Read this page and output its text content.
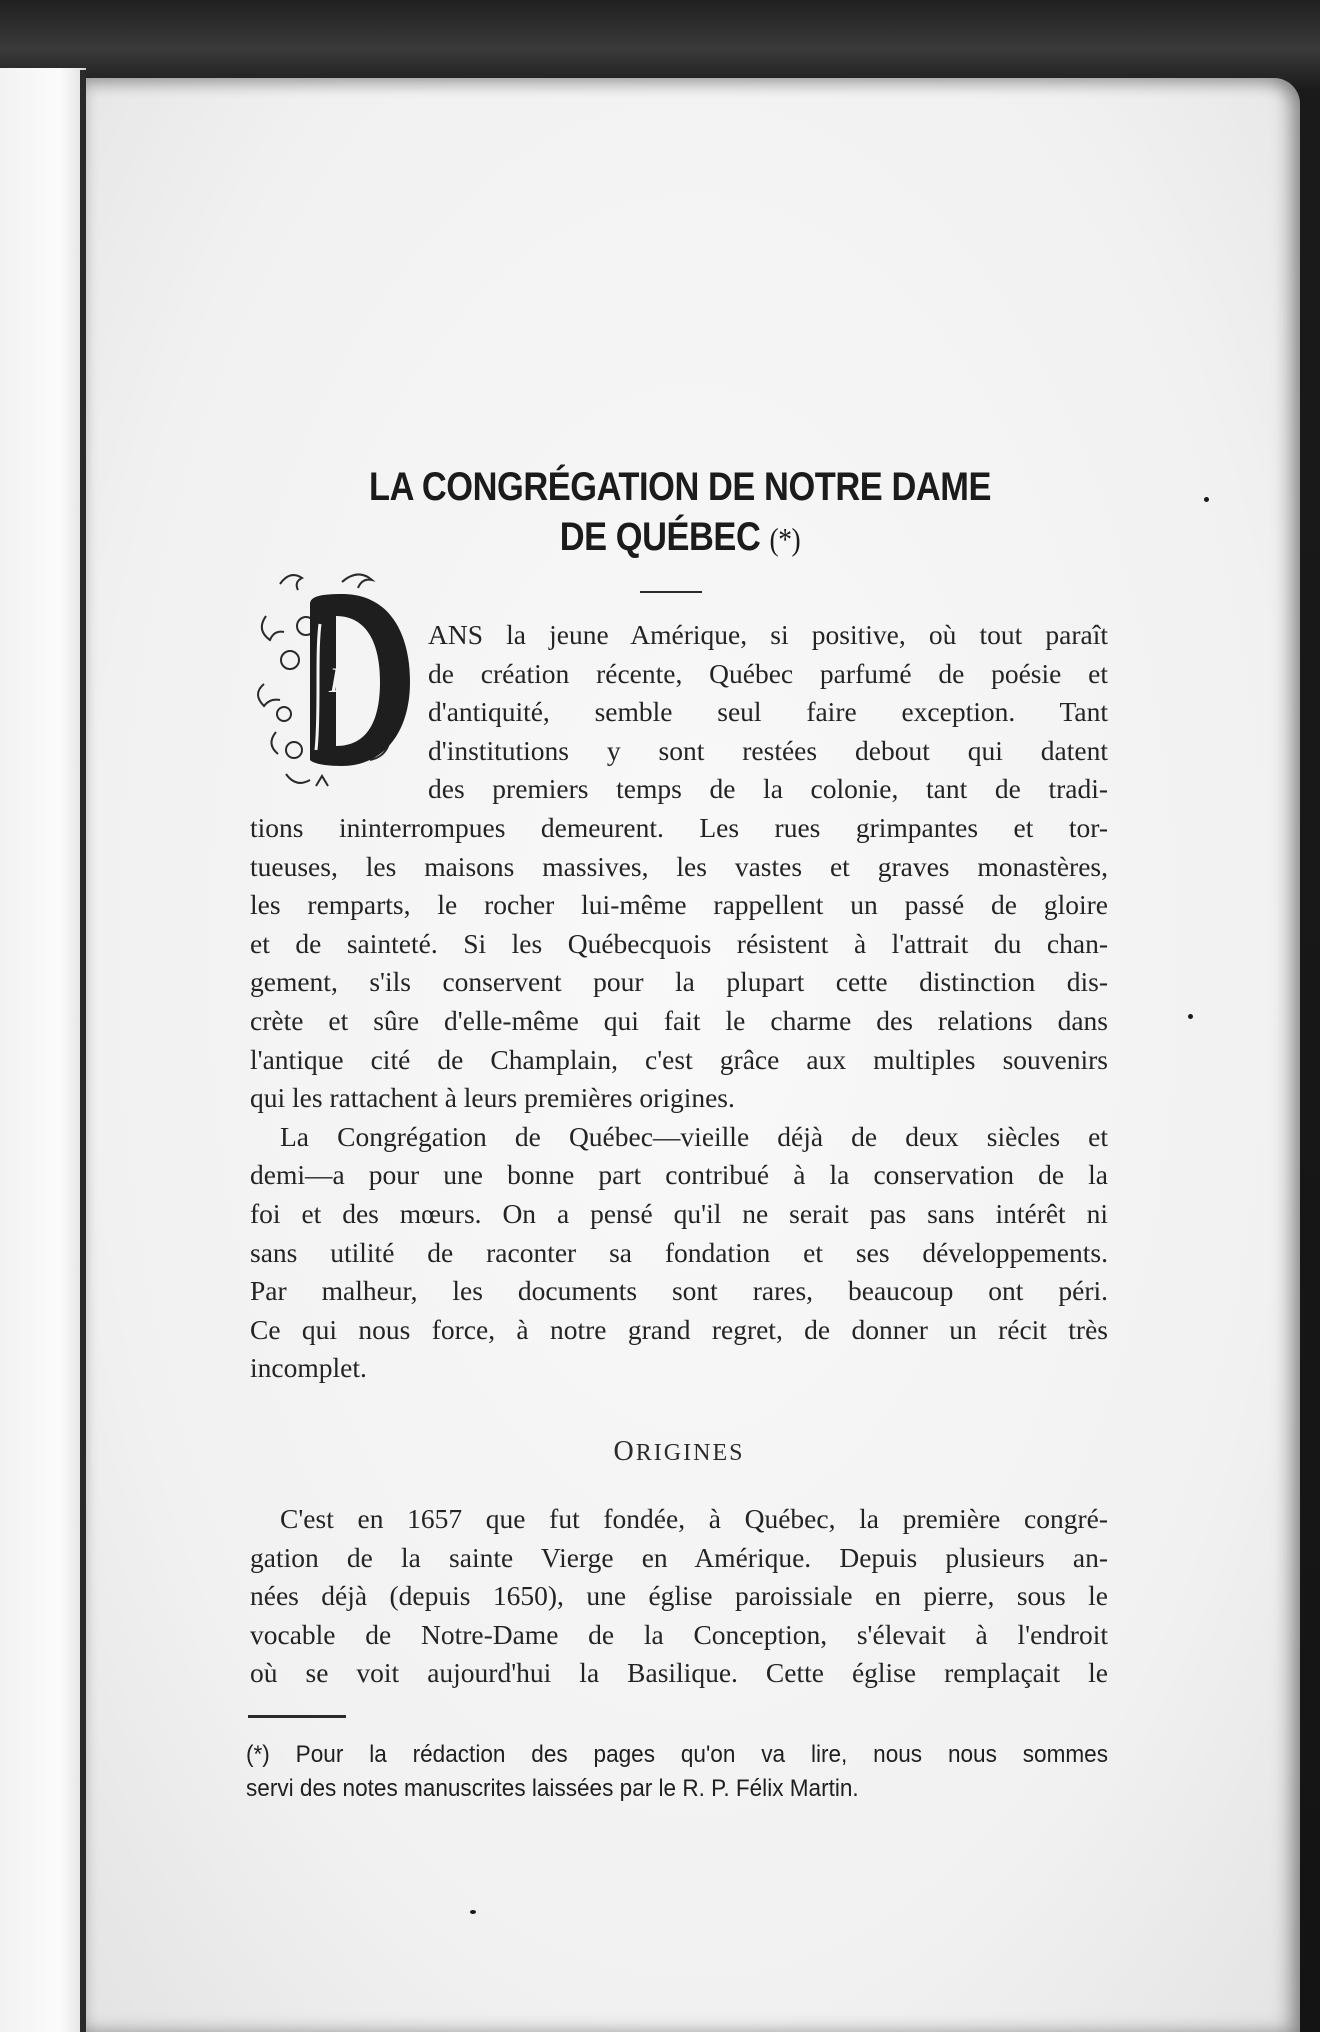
LA CONGRÉGATION DE NOTRE DAME
DE QUÉBEC (*)
D
ANS la jeune Amérique, si positive, où tout paraît
de création récente, Québec parfumé de poésie et
d'antiquité, semble seul faire exception. Tant
d'institutions y sont restées debout qui datent
des premiers temps de la colonie, tant de tradi-
tions ininterrompues demeurent. Les rues grimpantes et tor-
tueuses, les maisons massives, les vastes et graves monastères,
les remparts, le rocher lui-même rappellent un passé de gloire
et de sainteté. Si les Québecquois résistent à l'attrait du chan-
gement, s'ils conservent pour la plupart cette distinction dis-
crète et sûre d'elle-même qui fait le charme des relations dans
l'antique cité de Champlain, c'est grâce aux multiples souvenirs
qui les rattachent à leurs premières origines.
La Congrégation de Québec—vieille déjà de deux siècles et
demi—a pour une bonne part contribué à la conservation de la
foi et des mœurs. On a pensé qu'il ne serait pas sans intérêt ni
sans utilité de raconter sa fondation et ses développements.
Par malheur, les documents sont rares, beaucoup ont péri.
Ce qui nous force, à notre grand regret, de donner un récit très
incomplet.
ORIGINES
C'est en 1657 que fut fondée, à Québec, la première congré-
gation de la sainte Vierge en Amérique. Depuis plusieurs an-
nées déjà (depuis 1650), une église paroissiale en pierre, sous le
vocable de Notre-Dame de la Conception, s'élevait à l'endroit
où se voit aujourd'hui la Basilique. Cette église remplaçait le
(*) Pour la rédaction des pages qu'on va lire, nous nous sommes
servi des notes manuscrites laissées par le R. P. Félix Martin.
